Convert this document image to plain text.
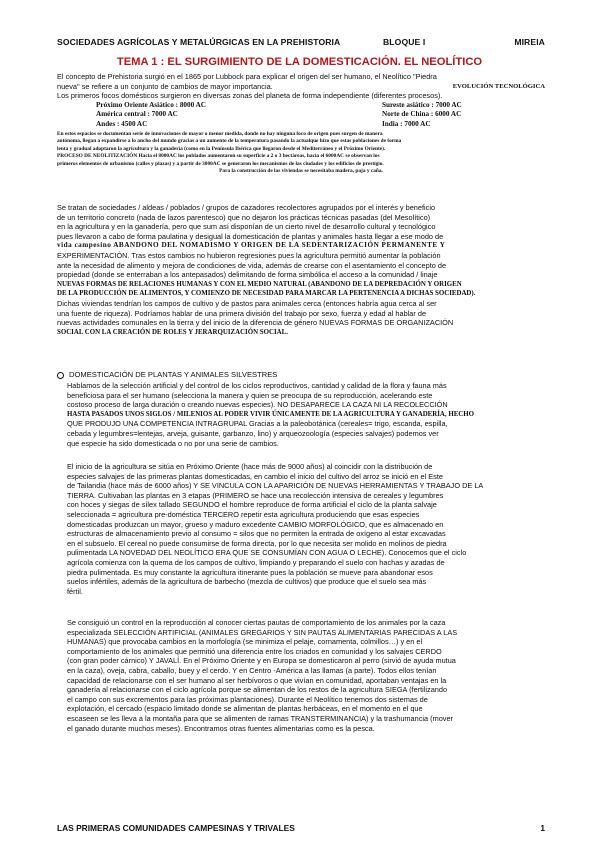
SOCIEDADES AGRÍCOLAS Y METALÚRGICAS EN LA PREHISTORIA	BLOQUE I	MIREIA
TEMA 1 : EL SURGIMIENTO DE LA DOMESTICACIÓN. EL NEOLÍTICO
El concepto de Prehistoria surgió en el 1865 por Lubbock para explicar el origen del ser humano, el Neolítico "Piedra
nueva" se refiere a un conjunto de cambios de mayor importancia.	EVOLUCIÓN TECNOLÓGICA
Los primeros focos domésticos surgieron en diversas zonas del planeta de forma independiente (diferentes procesos).
Próximo Oriente Asiático : 8000 AC	Sureste asiático : 7000 AC
América central : 7000 AC	Norte de China : 6000 AC
Andes : 4500 AC	India : 7000 AC
En estos espacios se documentan serie de innovaciones de mayor o menor medida, donde no hay ninguna foco de origen pues surgen de manera
autónoma, llegan a expandirse a lo ancho del mundo gracias a un aumento de la temperatura pasando la actualque hizo que estas poblaciones de forma
lenta y gradual adoptaron la agricultura y la ganadería (como en la Península Ibérica que llegaron desde el Mediterráneo y el Próximo Oriente).
PROCESO DE NEOLITIZACIÓN Hacia el 8000AC los poblados aumentaron su superficie a 2 o 3 hectáreas, hacia el 6000AC se observan los
primeros elementos de urbanismo (calles y plazas) y a partir de 3000AC se generaron los mecanismos de las ciudades y los edificios de prestigio.
Para la construcción de las viviendas se necesitaba madera, paja y caña.
Se tratan de sociedades / aldeas / poblados / grupos de cazadores recolectores agrupados por el interés y beneficio
de un territorio concreto (nada de lazos parentesco) que no dejaron los prácticas técnicas pasadas (del Mesolítico)
en la agricultura y en la ganadería, pero que sum así disponían de un cierto nivel de desarrollo cultural y tecnológico
pues llevaron a cabo de forma paulatina y desigual la domesticación de plantas y animales hasta llegar a ese modo de
vida campesino ABANDONO DEL NOMADISMO Y ORIGEN DE LA SEDENTARIZACIÓN PERMANENTE Y
EXPERIMENTACIÓN. Tras estos cambios no hubieron regresiones pues la agricultura permitió aumentar la población
ante la necesidad de alimento y mejora de condiciones de vida, además de crearse con el asentamiento el concepto de
propiedad (donde se enterraban a los antepasados) delimitando de forma simbólica el acceso a la comunidad / linaje
NUEVAS FORMAS DE RELACIONES HUMANAS Y CON EL MEDIO NATURAL (ABANDONO DE LA DEPREDACIÓN Y ORIGEN
DE LA PRODUCCIÓN DE ALIMENTOS, Y COMIENZO DE NECESIDAD PARA MARCAR LA PERTENENCIA A DICHAS SOCIEDAD).
Dichas viviendas tendrían los campos de cultivo y de pastos para animales cerca (entonces habría agua cerca al ser
una fuente de riqueza). Podríamos hablar de una primera división del trabajo por sexo, fuerza y edad al hablar de
nuevas actividades comunales en la tierra y del inicio de la diferencia de género NUEVAS FORMAS DE ORGANIZACIÓN
SOCIAL CON LA CREACIÓN DE ROLES Y JERARQUIZACIÓN SOCIAL.
DOMESTICACIÓN DE PLANTAS Y ANIMALES SILVESTRES
Hablamos de la selección artificial y del control de los ciclos reproductivos, cantidad y calidad de la flora y fauna más
beneficiosa para el ser humano (selecciona la manera y quien se preocupa de su reproducción, acelerando este
costoso proceso de larga duración o creando nuevas especies). NO DESAPARECE LA CAZA NI LA RECOLECCIÓN
HASTA PASADOS UNOS SIGLOS / MILENIOS AL PODER VIVIR ÚNICAMENTE DE LA AGRICULTURA Y GANADERÍA, HECHO
QUE PRODUJO UNA COMPETENCIA INTRAGRUPAL Gracias a la paleobotánica (cereales= trigo, escanda, espilla,
cebada y legumbres=lentejas, arveja, guisante, garbanzo, lino) y arqueozoología (especies salvajes) podemos ver
que especie ha sido domesticada o no por una serie de cambios.
El inicio de la agricultura se sitúa en Próximo Oriente (hace más de 9000 años) al coincidir con la distribución de
especies salvajes de las primeras plantas domesticadas, en cambio el inicio del cultivo del arroz se inició en el Este
de Tailandia (hace más de 6000 años) Y SE VINCULA CON LA APARICIÓN DE NUEVAS HERRAMIENTAS Y TRABAJO DE LA
TIERRA. Cultivaban las plantas en 3 etapas (PRIMERO se hace una recolección intensiva de cereales y legumbres
con hoces y siegas de sílex tallado SEGUNDO el hombre reproduce de forma artificial el ciclo de la planta salvaje
seleccionada = agricultura pre-doméstica TERCERO repetir esta agricultura produciendo que esas especies
domesticadas produzcan un mayor, grueso y maduro excedente CAMBIO MORFOLÓGICO, que es almacenado en
estructuras de almacenamiento previo al consumo = silos que no permiten la entrada de oxígeno al estar excavadas
en el subsuelo. El cereal no puede consumirse de forma directa, por lo que necesita ser molido en molinos de piedra
pulimentada LA NOVEDAD DEL NEOLÍTICO ERA QUE SE CONSUMÍAN CON AGUA O LECHE). Conocemos que el ciclo
agrícola comienza con la quema de los campos de cultivo, limpiando y preparando el suelo con hachas y azadas de
piedra pulimentada. Es muy constante la agricultura itinerante pues la población se mueve para abandonar esos
suelos infértiles, además de la agricultura de barbecho (mezcla de cultivos) que produce que el suelo sea más
fértil.
Se consiguió un control en la reproducción al conocer ciertas pautas de comportamiento de los animales por la caza
especializada SELECCIÓN ARTIFICIAL (ANIMALES GREGARIOS Y SIN PAUTAS ALIMENTARIAS PARECIDAS A LAS
HUMANAS) que provocaba cambios en la morfología (se minimiza el pelaje, cornamenta, colmillos…) y en el
comportamiento de los animales que permitió una diferencia entre los criados en comunidad y los salvajes CERDO
(con gran poder cárnico) Y JAVALÍ. En el Próximo Oriente y en Europa se domesticaron al perro (sirvió de ayuda mutua
en la caza), oveja, cabra, caballo, buey y el cerdo. Y en Centro -América a las llamas (a parte). Todos ellos tenían
capacidad de relacionarse con el ser humano al ser herbívoros o que vivían en comunidad, aportaban ventajas en la
ganadería al relacionarse con el ciclo agrícola porque se alimentan de los restos de la agricultura SIEGA (fertilizando
el campo con sus excrementos para las próximas plantaciones). Durante el Neolítico tenemos dos sistemas de
explotación, el cercado (espacio limitado donde se alimentan de plantas herbáceas, en el momento en el que
escaseen se les lleva a la montaña para que se alimenten de ramas TRANSTERMINANCIA) y la trashumancia (mover
el ganado durante muchos meses). Encontramos otras fuentes alimentarias como es la pesca.
LAS PRIMERAS COMUNIDADES CAMPESINAS Y TRIVALES	1
